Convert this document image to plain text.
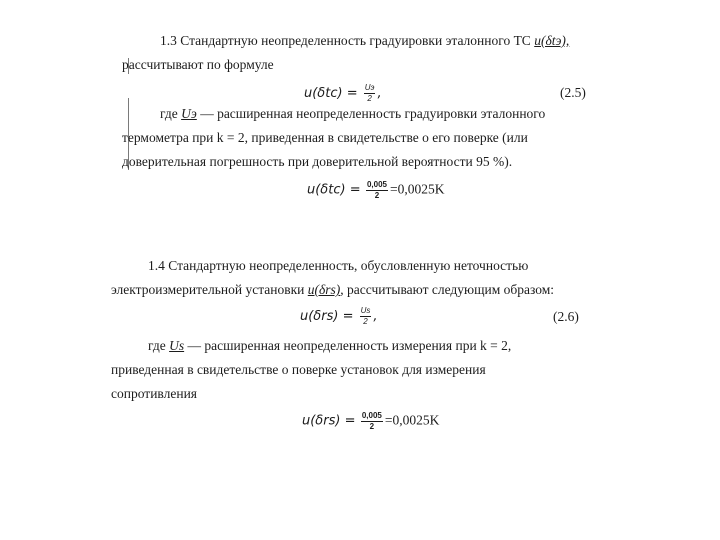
1.3 Стандартную неопределенность градуировки эталонного ТС u(δtэ),
рассчитывают по формуле
$u(\delta tc) = \frac{Uэ}{2}$ ,	(2.5)
где Uэ — расширенная неопределенность градуировки эталонного
термометра при k = 2, приведенная в свидетельстве о его поверке (или
доверительная погрешность при доверительной вероятности 95 %).
$u(\delta tc) = \frac{0,005}{2} =0,0025K$
1.4 Стандартную неопределенность, обусловленную неточностью
электроизмерительной установки u(δrs), рассчитывают следующим образом:
$u(\delta rs) = \frac{Us}{2}$ ,	(2.6)
где Us — расширенная неопределенность измерения при k = 2,
приведенная в свидетельстве о поверке установок для измерения
сопротивления
$u(\delta rs) = \frac{0,005}{2} =0,0025K$
